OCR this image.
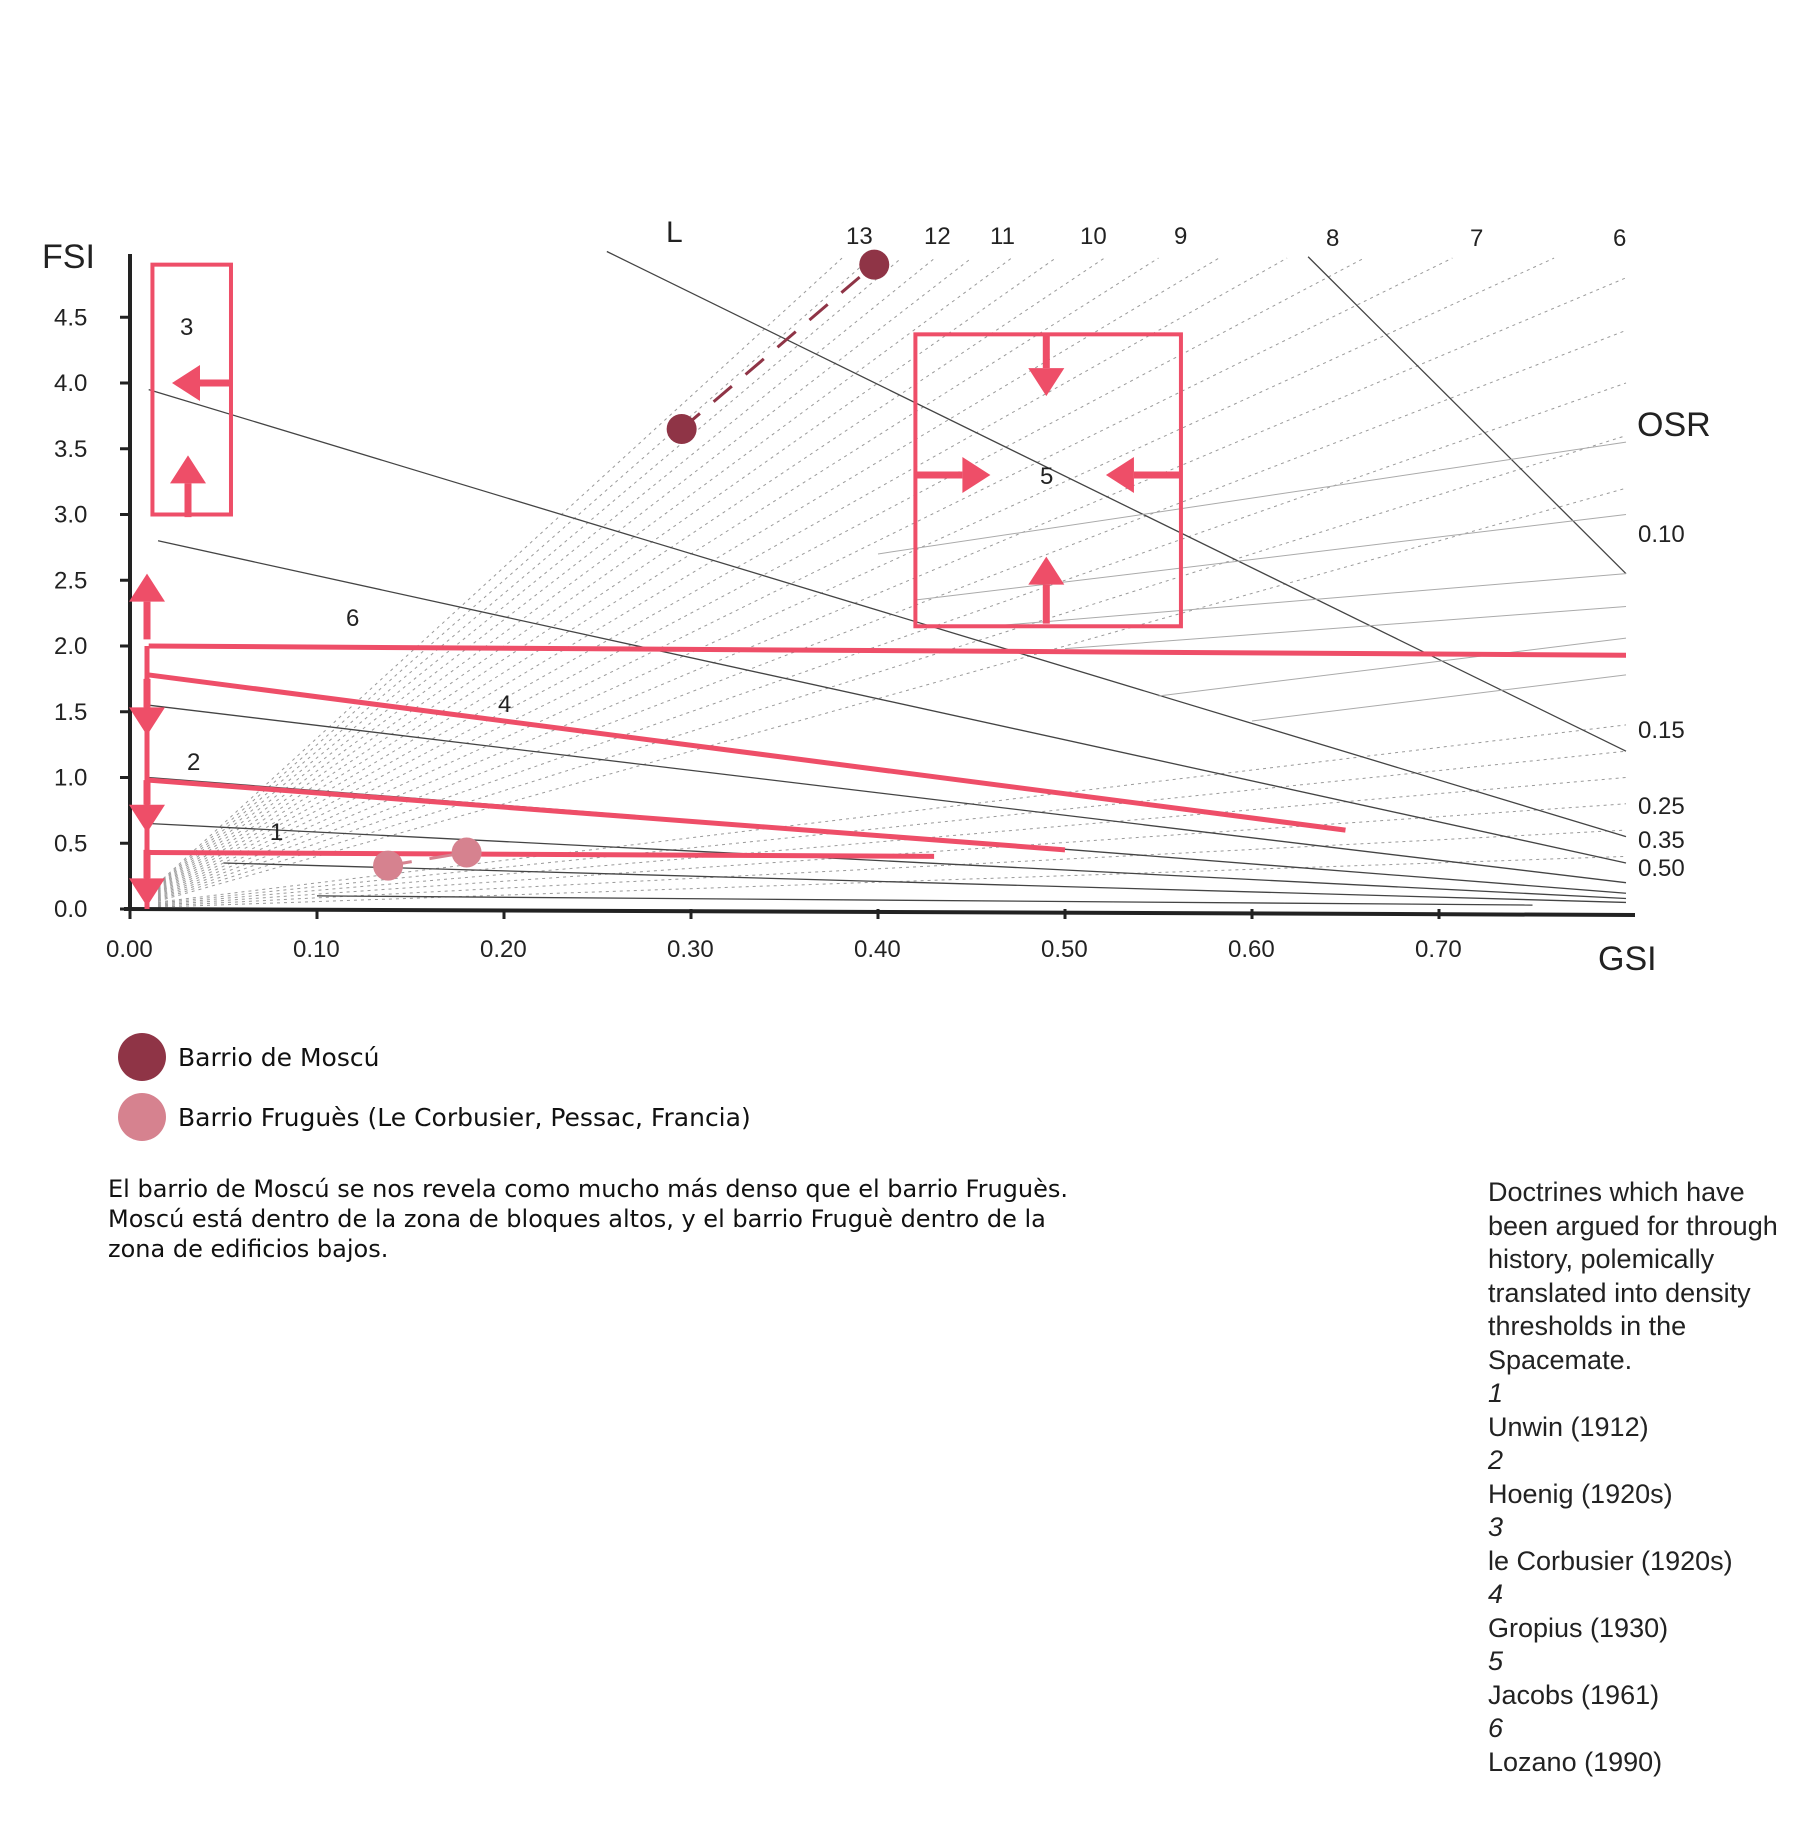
0.00	0.10	0.20	0.30	0.40	0.50	0.60	0.70
0.0
0.5
1.0
1.5
2.0
2.5
3.0
3.5
4.0
4.5
13 12 11	10	9	8	7	6
0.10
0.15
0.25
0.35
0.50
1
2
3
4
5
6
FSI
GSI
OSR
L
Barrio de Moscú
Barrio Fruguès (Le Corbusier, Pessac, Francia)
El barrio de Moscú se nos revela como mucho más denso que el barrio Fruguès. Moscú está dentro de la zona de bloques altos, y el barrio Fruguè dentro de la zona de edificios bajos.
Doctrines which have been argued for through history, polemically translated into density thresholds in the Spacemate.
1
Unwin (1912)
2
Hoenig (1920s)
3
le Corbusier (1920s)
4
Gropius (1930)
5
Jacobs (1961)
6
Lozano (1990)
